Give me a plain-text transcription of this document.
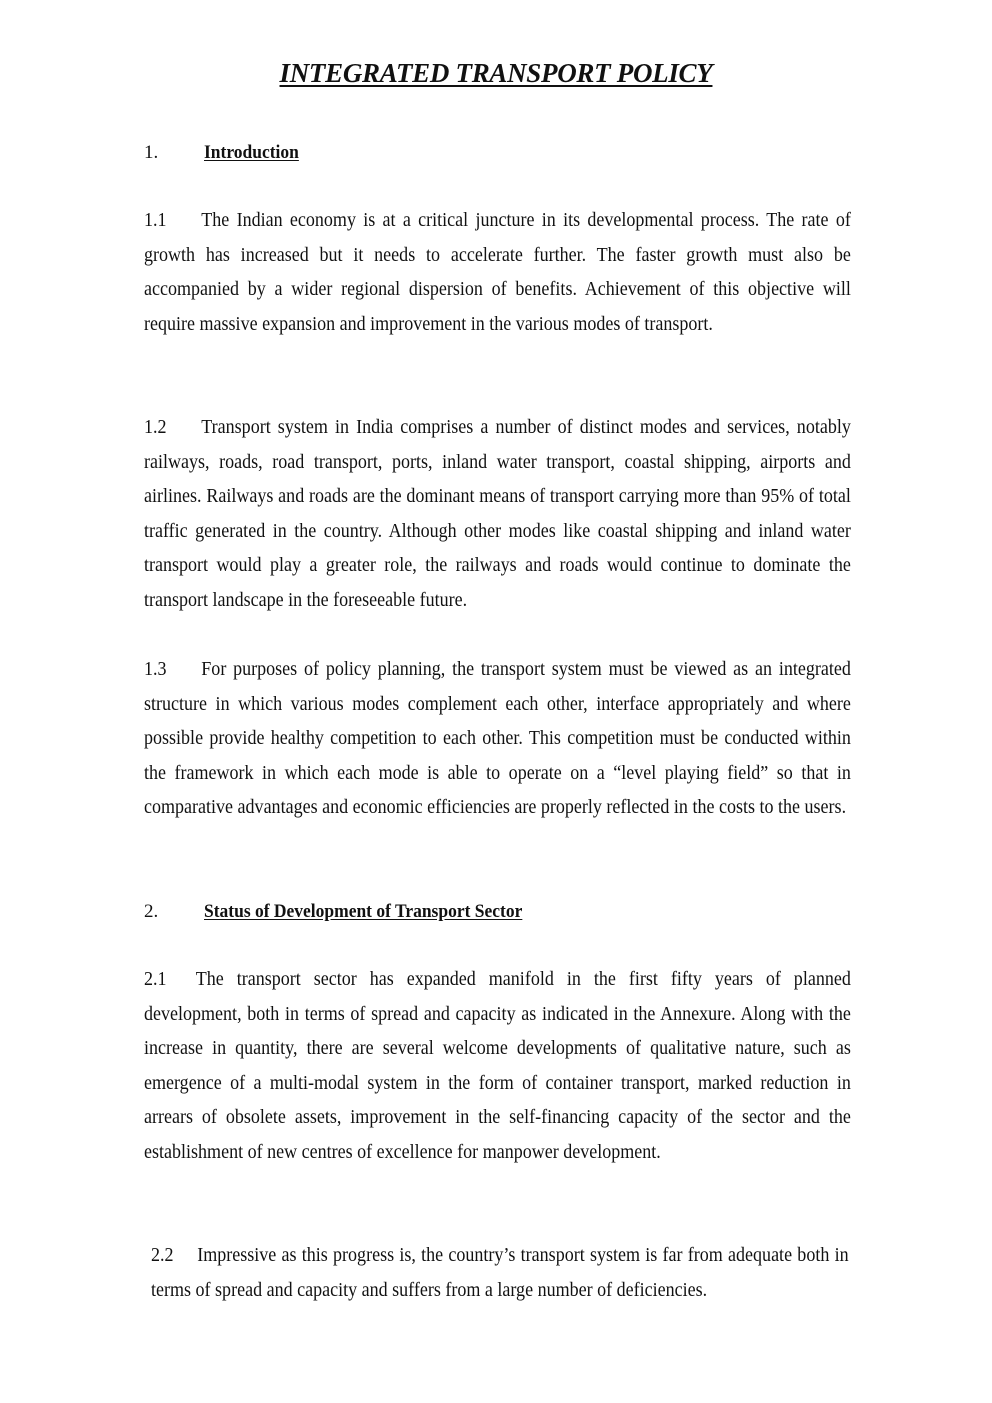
INTEGRATED TRANSPORT POLICY
1.	Introduction
1.1 The Indian economy is at a critical juncture in its developmental process. The rate of growth has increased but it needs to accelerate further. The faster growth must also be accompanied by a wider regional dispersion of benefits. Achievement of this objective will require massive expansion and improvement in the various modes of transport.
1.2 Transport system in India comprises a number of distinct modes and services, notably railways, roads, road transport, ports, inland water transport, coastal shipping, airports and airlines. Railways and roads are the dominant means of transport carrying more than 95% of total traffic generated in the country. Although other modes like coastal shipping and inland water transport would play a greater role, the railways and roads would continue to dominate the transport landscape in the foreseeable future.
1.3 For purposes of policy planning, the transport system must be viewed as an integrated structure in which various modes complement each other, interface appropriately and where possible provide healthy competition to each other. This competition must be conducted within the framework in which each mode is able to operate on a “level playing field” so that in comparative advantages and economic efficiencies are properly reflected in the costs to the users.
2.	Status of Development of Transport Sector
2.1 The transport sector has expanded manifold in the first fifty years of planned development, both in terms of spread and capacity as indicated in the Annexure. Along with the increase in quantity, there are several welcome developments of qualitative nature, such as emergence of a multi-modal system in the form of container transport, marked reduction in arrears of obsolete assets, improvement in the self-financing capacity of the sector and the establishment of new centres of excellence for manpower development.
2.2 Impressive as this progress is, the country’s transport system is far from adequate both in terms of spread and capacity and suffers from a large number of deficiencies.
